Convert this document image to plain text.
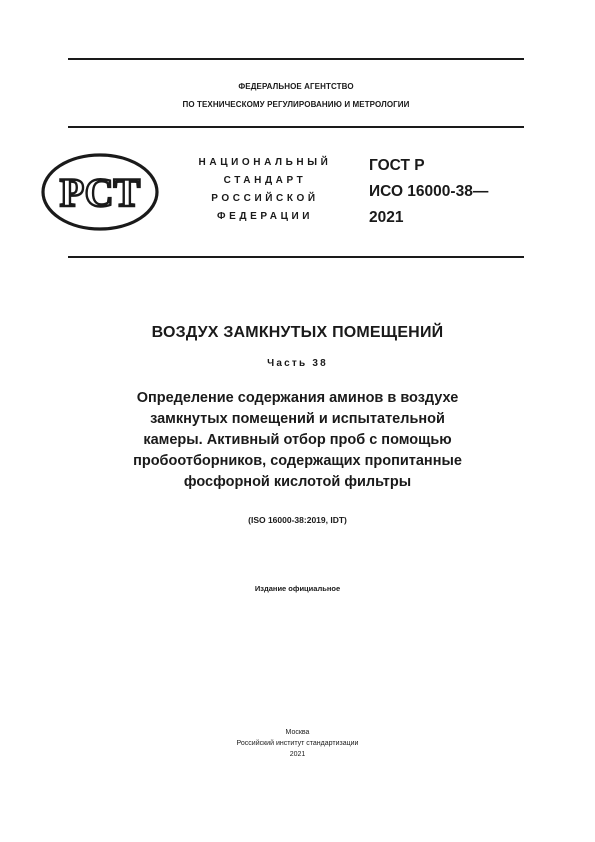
ФЕДЕРАЛЬНОЕ АГЕНТСТВО
ПО ТЕХНИЧЕСКОМУ РЕГУЛИРОВАНИЮ И МЕТРОЛОГИИ
РСТ
НАЦИОНАЛЬНЫЙ
СТАНДАРТ
РОССИЙСКОЙ
ФЕДЕРАЦИИ
ГОСТ Р
ИСО 16000-38—
2021
ВОЗДУХ ЗАМКНУТЫХ ПОМЕЩЕНИЙ
Часть 38
Определение содержания аминов в воздухе
замкнутых помещений и испытательной
камеры. Активный отбор проб с помощью
пробоотборников, содержащих пропитанные
фосфорной кислотой фильтры
(ISO 16000-38:2019, IDT)
Издание официальное
Москва
Российский институт стандартизации
2021
